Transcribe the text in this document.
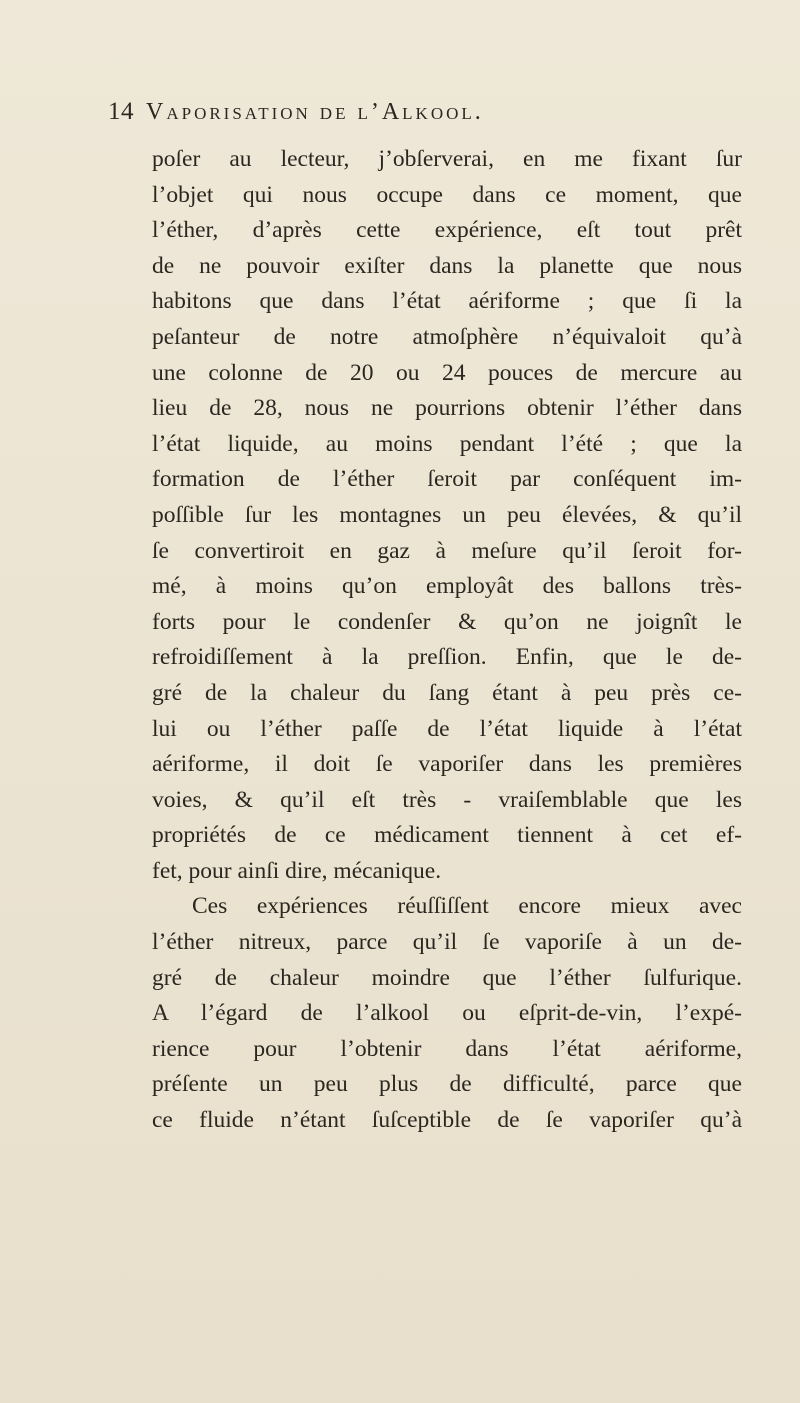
14 Vaporisation de l’Alkool.
poſer au lecteur, j’obſerverai, en me fixant ſur
l’objet qui nous occupe dans ce moment, que
l’éther, d’après cette expérience, eſt tout prêt
de ne pouvoir exiſter dans la planette que nous
habitons que dans l’état aériforme ; que ſi la
peſanteur de notre atmoſphère n’équivaloit qu’à
une colonne de 20 ou 24 pouces de mercure au
lieu de 28, nous ne pourrions obtenir l’éther dans
l’état liquide, au moins pendant l’été ; que la
formation de l’éther ſeroit par conſéquent im-
poſſible ſur les montagnes un peu élevées, & qu’il
ſe convertiroit en gaz à meſure qu’il ſeroit for-
mé, à moins qu’on employât des ballons très-
forts pour le condenſer & qu’on ne joignît le
refroidiſſement à la preſſion. Enfin, que le de-
gré de la chaleur du ſang étant à peu près ce-
lui ou l’éther paſſe de l’état liquide à l’état
aériforme, il doit ſe vaporiſer dans les premières
voies, & qu’il eſt très - vraiſemblable que les
propriétés de ce médicament tiennent à cet ef-
fet, pour ainſi dire, mécanique.
Ces expériences réuſſiſſent encore mieux avec
l’éther nitreux, parce qu’il ſe vaporiſe à un de-
gré de chaleur moindre que l’éther ſulfurique.
A l’égard de l’alkool ou eſprit-de-vin, l’expé-
rience pour l’obtenir dans l’état aériforme,
préſente un peu plus de difficulté, parce que
ce fluide n’étant ſuſceptible de ſe vaporiſer qu’à
